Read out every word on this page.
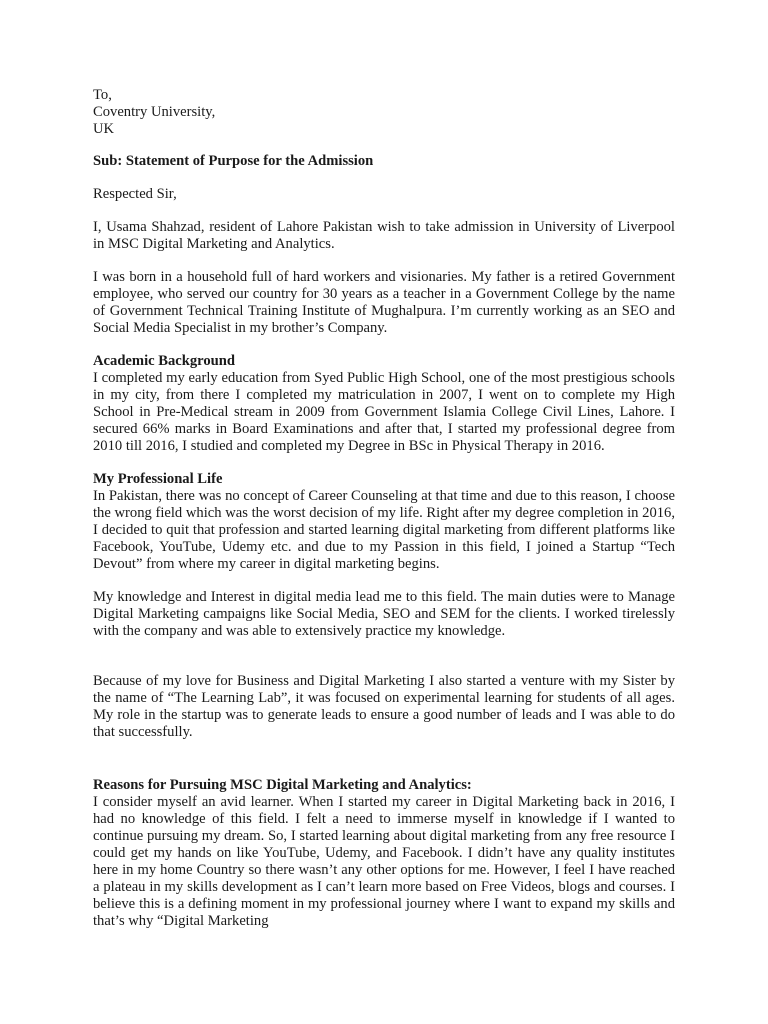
To,

Coventry University,

UK

Sub: Statement of Purpose for the Admission

Respected Sir,

I, Usama Shahzad, resident of Lahore Pakistan wish to take admission in University of Liverpool in MSC Digital Marketing and Analytics.

I was born in a household full of hard workers and visionaries. My father is a retired Government employee, who served our country for 30 years as a teacher in a Government College by the name of Government Technical Training Institute of Mughalpura. I’m currently working as an SEO and Social Media Specialist in my brother’s Company.

Academic Background

I completed my early education from Syed Public High School, one of the most prestigious schools in my city, from there I completed my matriculation in 2007, I went on to complete my High School in Pre-Medical stream in 2009 from Government Islamia College Civil Lines, Lahore. I secured 66% marks in Board Examinations and after that, I started my professional degree from 2010 till 2016, I studied and completed my Degree in BSc in Physical Therapy in 2016.

My Professional Life

In Pakistan, there was no concept of Career Counseling at that time and due to this reason, I choose the wrong field which was the worst decision of my life. Right after my degree completion in 2016, I decided to quit that profession and started learning digital marketing from different platforms like Facebook, YouTube, Udemy etc. and due to my Passion in this field, I joined a Startup “Tech Devout” from where my career in digital marketing begins.

My knowledge and Interest in digital media lead me to this field. The main duties were to Manage Digital Marketing campaigns like Social Media, SEO and SEM for the clients. I worked tirelessly with the company and was able to extensively practice my knowledge.

Because of my love for Business and Digital Marketing I also started a venture with my Sister by the name of “The Learning Lab”, it was focused on experimental learning for students of all ages. My role in the startup was to generate leads to ensure a good number of leads and I was able to do that successfully.

Reasons for Pursuing MSC Digital Marketing and Analytics:

I consider myself an avid learner. When I started my career in Digital Marketing back in 2016, I had no knowledge of this field. I felt a need to immerse myself in knowledge if I wanted to continue pursuing my dream. So, I started learning about digital marketing from any free resource I could get my hands on like YouTube, Udemy, and Facebook. I didn’t have any quality institutes here in my home Country so there wasn’t any other options for me. However, I feel I have reached a plateau in my skills development as I can’t learn more based on Free Videos, blogs and courses. I believe this is a defining moment in my professional journey where I want to expand my skills and that’s why “Digital Marketing
